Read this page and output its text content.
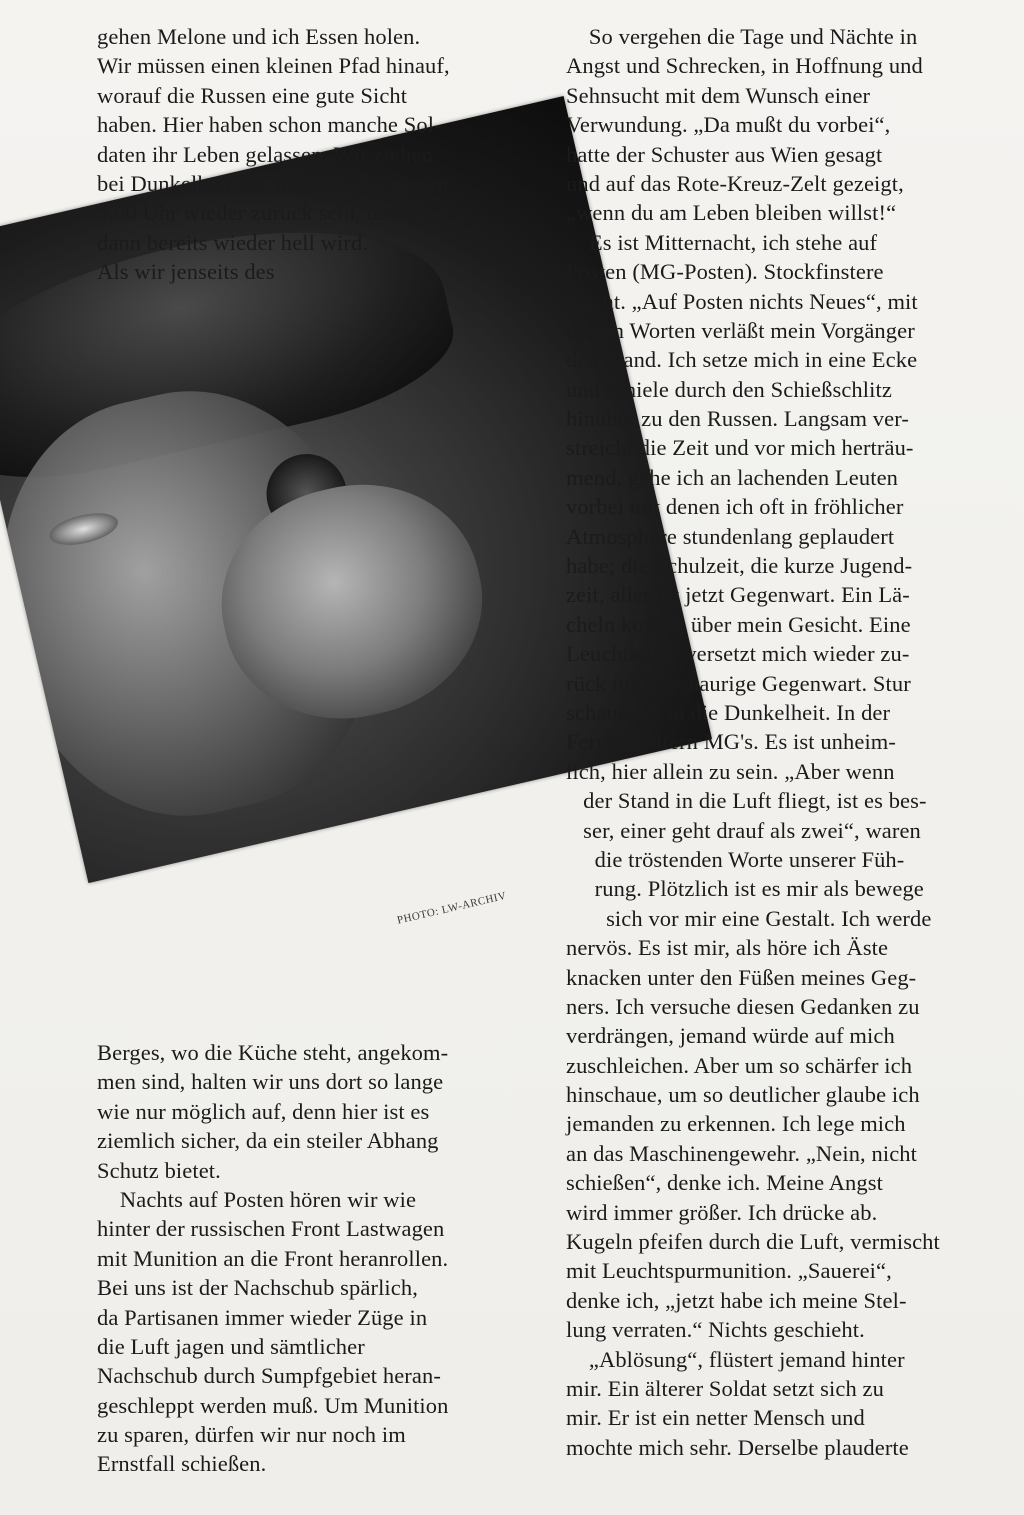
PHOTO: LW-ARCHIV
gehen Melone und ich Essen holen.
Wir müssen einen kleinen Pfad hinauf,
worauf die Russen eine gute Sicht
haben. Hier haben schon manche Sol-
daten ihr Leben gelassen. Wir ziehen
bei Dunkelheit los, müssen aber gegen
3.00 Uhr wieder zurück sein, da es
dann bereits wieder hell wird.
Als wir jenseits des
Berges, wo die Küche steht, angekom-
men sind, halten wir uns dort so lange
wie nur möglich auf, denn hier ist es
ziemlich sicher, da ein steiler Abhang
Schutz bietet.
Nachts auf Posten hören wir wie
hinter der russischen Front Lastwagen
mit Munition an die Front heranrollen.
Bei uns ist der Nachschub spärlich,
da Partisanen immer wieder Züge in
die Luft jagen und sämtlicher
Nachschub durch Sumpfgebiet heran-
geschleppt werden muß. Um Munition
zu sparen, dürfen wir nur noch im
Ernstfall schießen.
So vergehen die Tage und Nächte in
Angst und Schrecken, in Hoffnung und
Sehnsucht mit dem Wunsch einer
Verwundung. „Da mußt du vorbei“,
hatte der Schuster aus Wien gesagt
und auf das Rote-Kreuz-Zelt gezeigt,
„wenn du am Leben bleiben willst!“
Es ist Mitternacht, ich stehe auf
Posten (MG-Posten). Stockfinstere
Nacht. „Auf Posten nichts Neues“, mit
diesen Worten verläßt mein Vorgänger
den Stand. Ich setze mich in eine Ecke
und schiele durch den Schießschlitz
hinüber zu den Russen. Langsam ver-
streicht die Zeit und vor mich herträu-
mend, gehe ich an lachenden Leuten
vorbei mit denen ich oft in fröhlicher
Atmosphäre stundenlang geplaudert
habe; die Schulzeit, die kurze Jugend-
zeit, alles ist jetzt Gegenwart. Ein Lä-
cheln kommt über mein Gesicht. Eine
Leuchtkugel versetzt mich wieder zu-
rück in die schaurige Gegenwart. Stur
schaue ich in die Dunkelheit. In der
Ferne knattern MG's. Es ist unheim-
lich, hier allein zu sein. „Aber wenn
der Stand in die Luft fliegt, ist es bes-
ser, einer geht drauf als zwei“, waren
die tröstenden Worte unserer Füh-
rung. Plötzlich ist es mir als bewege
sich vor mir eine Gestalt. Ich werde
nervös. Es ist mir, als höre ich Äste
knacken unter den Füßen meines Geg-
ners. Ich versuche diesen Gedanken zu
verdrängen, jemand würde auf mich
zuschleichen. Aber um so schärfer ich
hinschaue, um so deutlicher glaube ich
jemanden zu erkennen. Ich lege mich
an das Maschinengewehr. „Nein, nicht
schießen“, denke ich. Meine Angst
wird immer größer. Ich drücke ab.
Kugeln pfeifen durch die Luft, vermischt
mit Leuchtspurmunition. „Sauerei“,
denke ich, „jetzt habe ich meine Stel-
lung verraten.“ Nichts geschieht.
„Ablösung“, flüstert jemand hinter
mir. Ein älterer Soldat setzt sich zu
mir. Er ist ein netter Mensch und
mochte mich sehr. Derselbe plauderte
